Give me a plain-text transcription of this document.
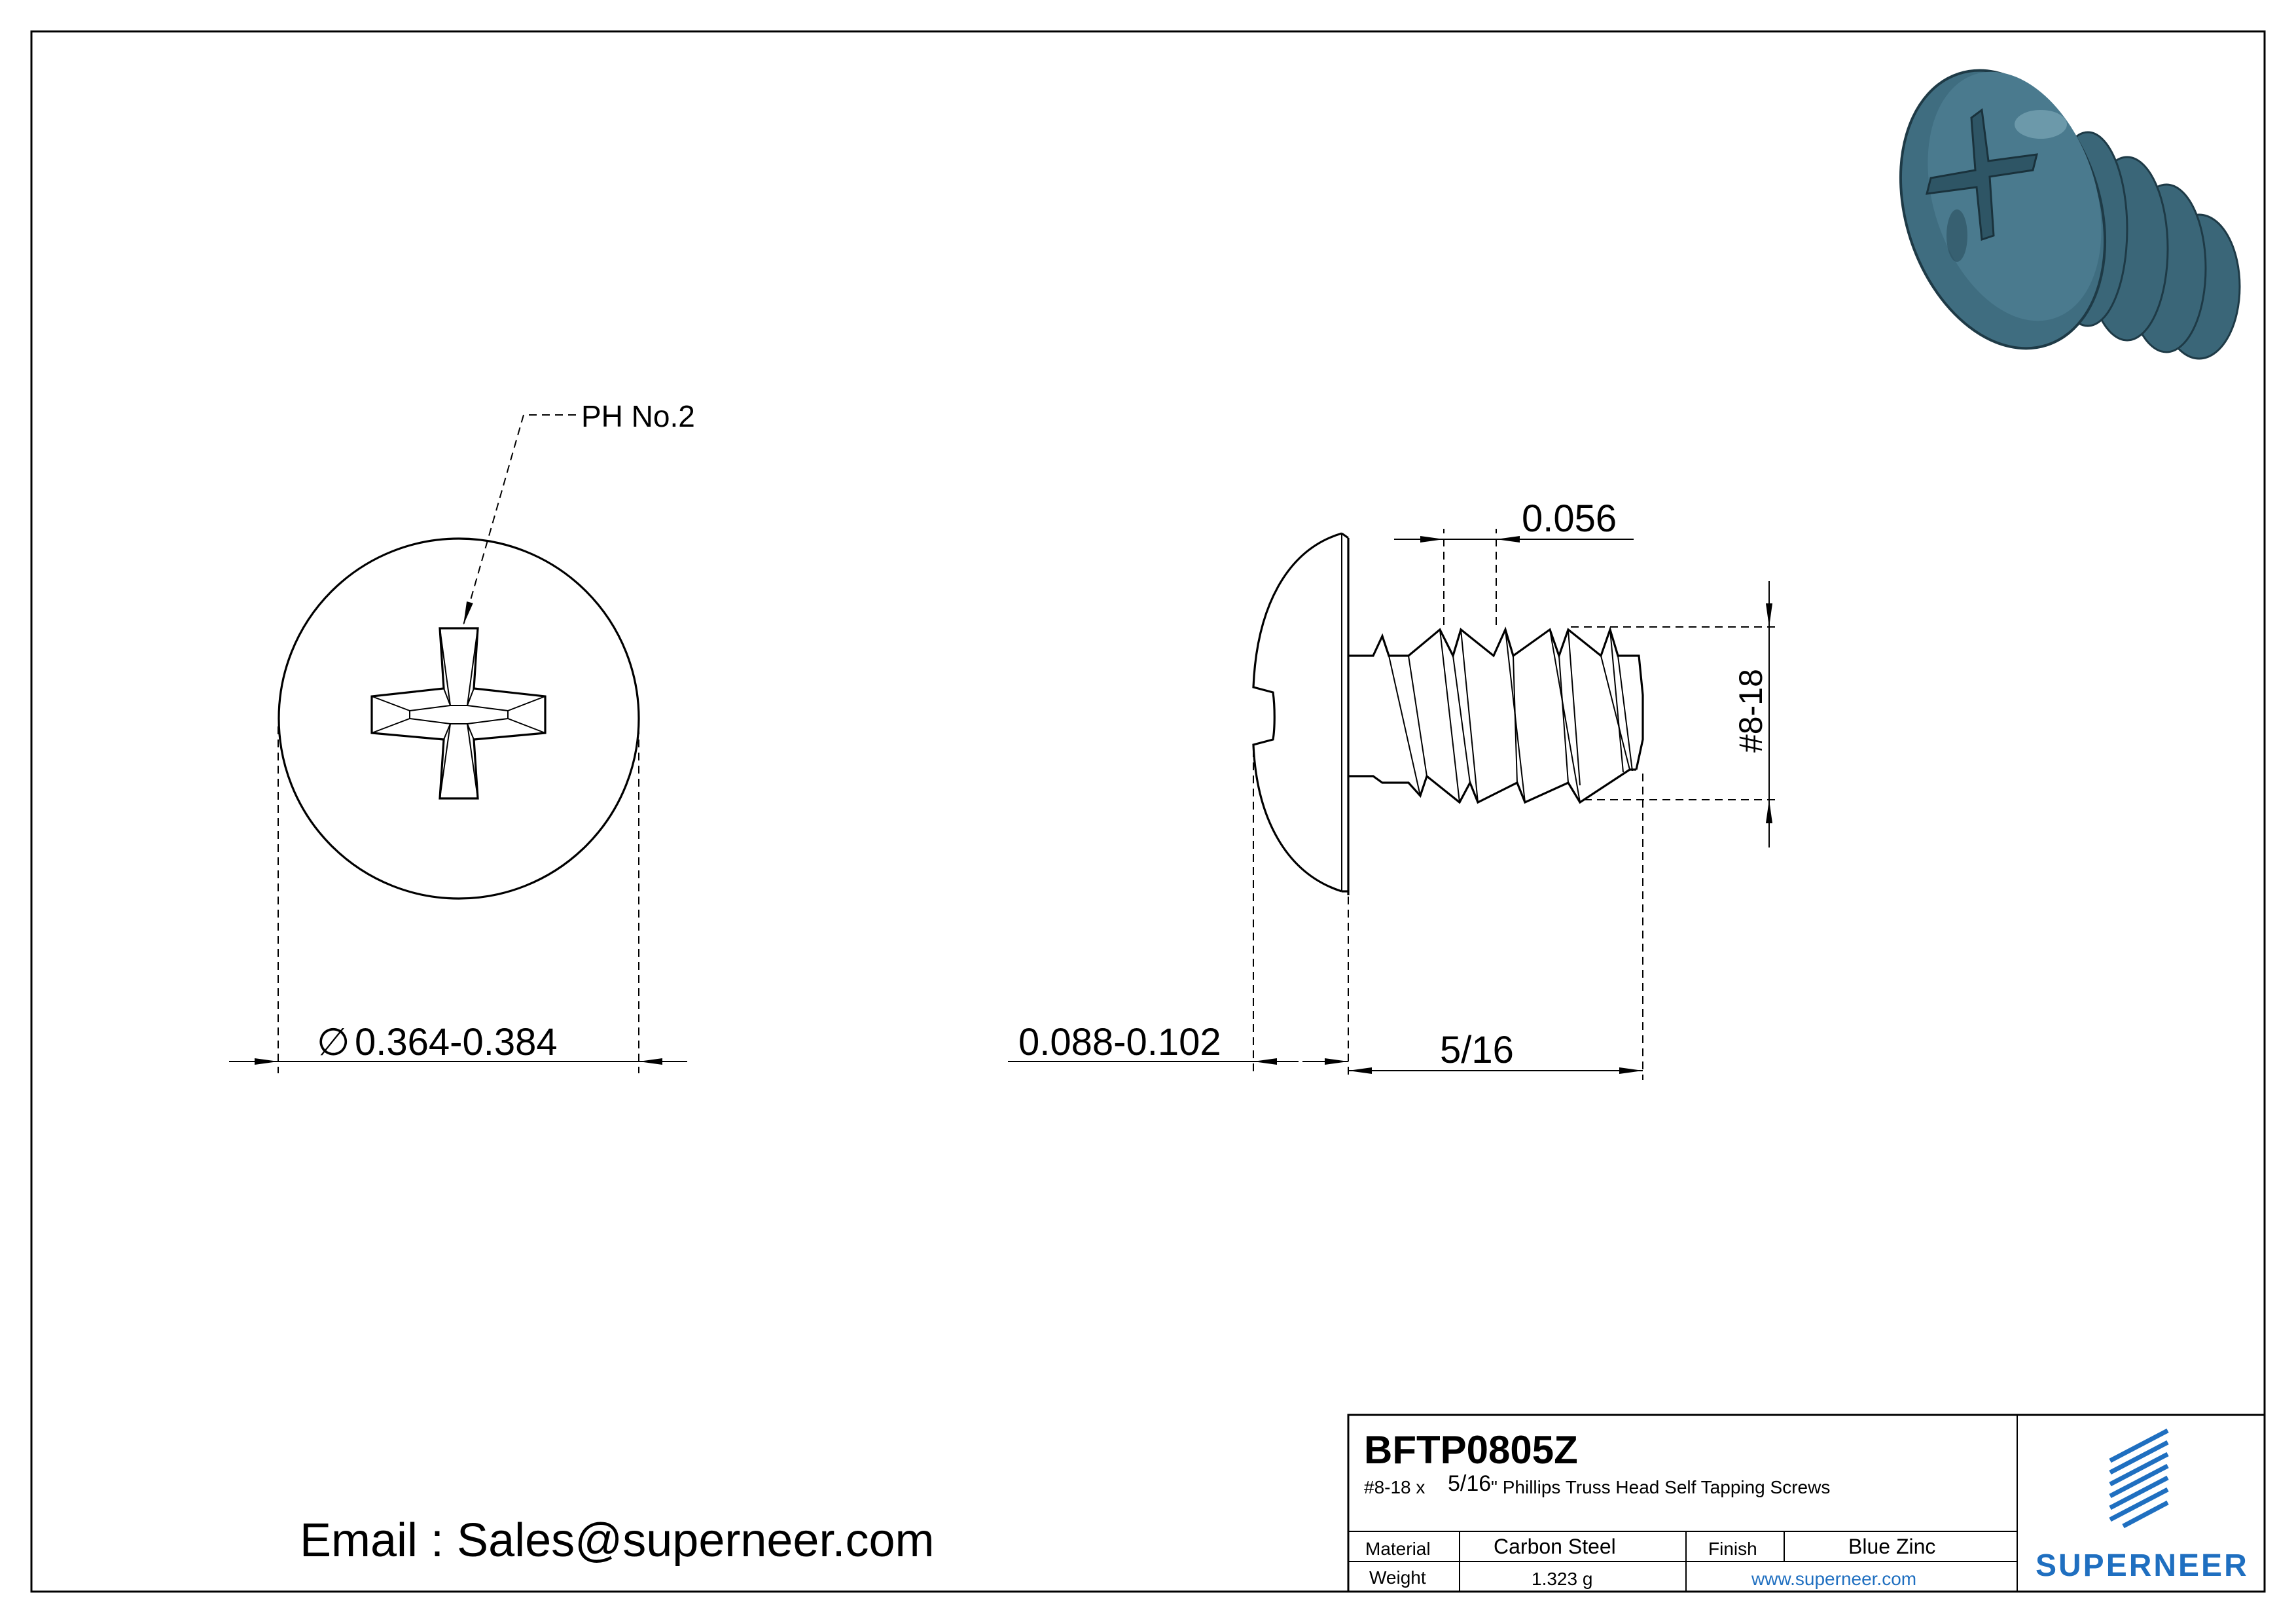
PH No.2
∅ 0.364-0.384
0.056
#8-18
0.088-0.102	5/16
Email : Sales@superneer.com
BFTP0805Z
#8-18 x 5/16 " Phillips Truss Head Self Tapping Screws
Material	Carbon Steel	Finish	Blue Zinc
Weight	1.323 g	www.superneer.com	SUPERNEER
